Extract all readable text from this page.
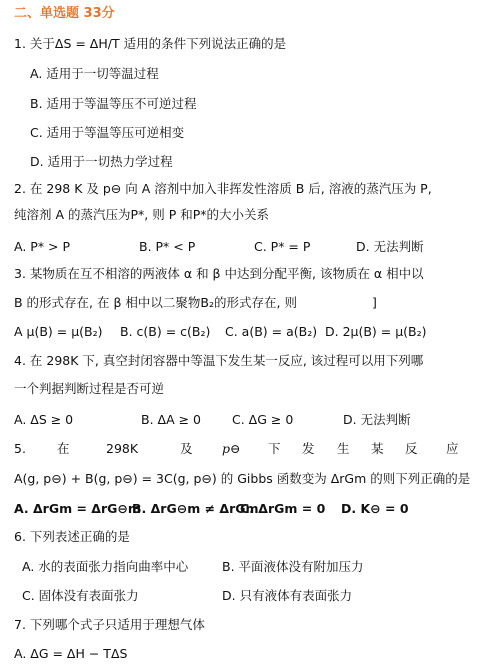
二、单选题 33分
1. 关于ΔS = ΔH/T 适用的条件下列说法正确的是
A. 适用于一切等温过程
B. 适用于等温等压不可逆过程
C. 适用于等温等压可逆相变
D. 适用于一切热力学过程
2. 在 298 K 及 p⊖ 向 A 溶剂中加入非挥发性溶质 B 后, 溶液的蒸汽压为 P,
纯溶剂 A 的蒸汽压为P*, 则 P 和P*的大小关系
A. P* > P	B. P* < P	C. P* = P	D. 无法判断
3. 某物质在互不相溶的两液体 α 和 β 中达到分配平衡, 该物质在 α 相中以
B 的形式存在, 在 β 相中以二聚物B₂的形式存在, 则	]
A μ(B) = μ(B₂) B. c(B) = c(B₂) C. a(B) = a(B₂) D. 2μ(B) = μ(B₂)
4. 在 298K 下, 真空封闭容器中等温下发生某一反应, 该过程可以用下列哪
一个判据判断过程是否可逆
A. ΔS ≥ 0	B. ΔA ≥ 0 C. ΔG ≥ 0	D. 无法判断
5. 在	298K	及 p⊖ 下 发 生 某 反 应
A(g, p⊖) + B(g, p⊖) = 3C(g, p⊖) 的 Gibbs 函数变为 ΔrGm 的则下列正确的是
A. ΔrGm = ΔrG⊖m
B. ΔrG⊖m ≠ ΔrGm
C. ΔrGm = 0 D. K⊖ = 0
6. 下列表述正确的是
A. 水的表面张力指向曲率中心	B. 平面液体没有附加压力
C. 固体没有表面张力	D. 只有液体有表面张力
7. 下列哪个式子只适用于理想气体
A. ΔG = ΔH − TΔS
